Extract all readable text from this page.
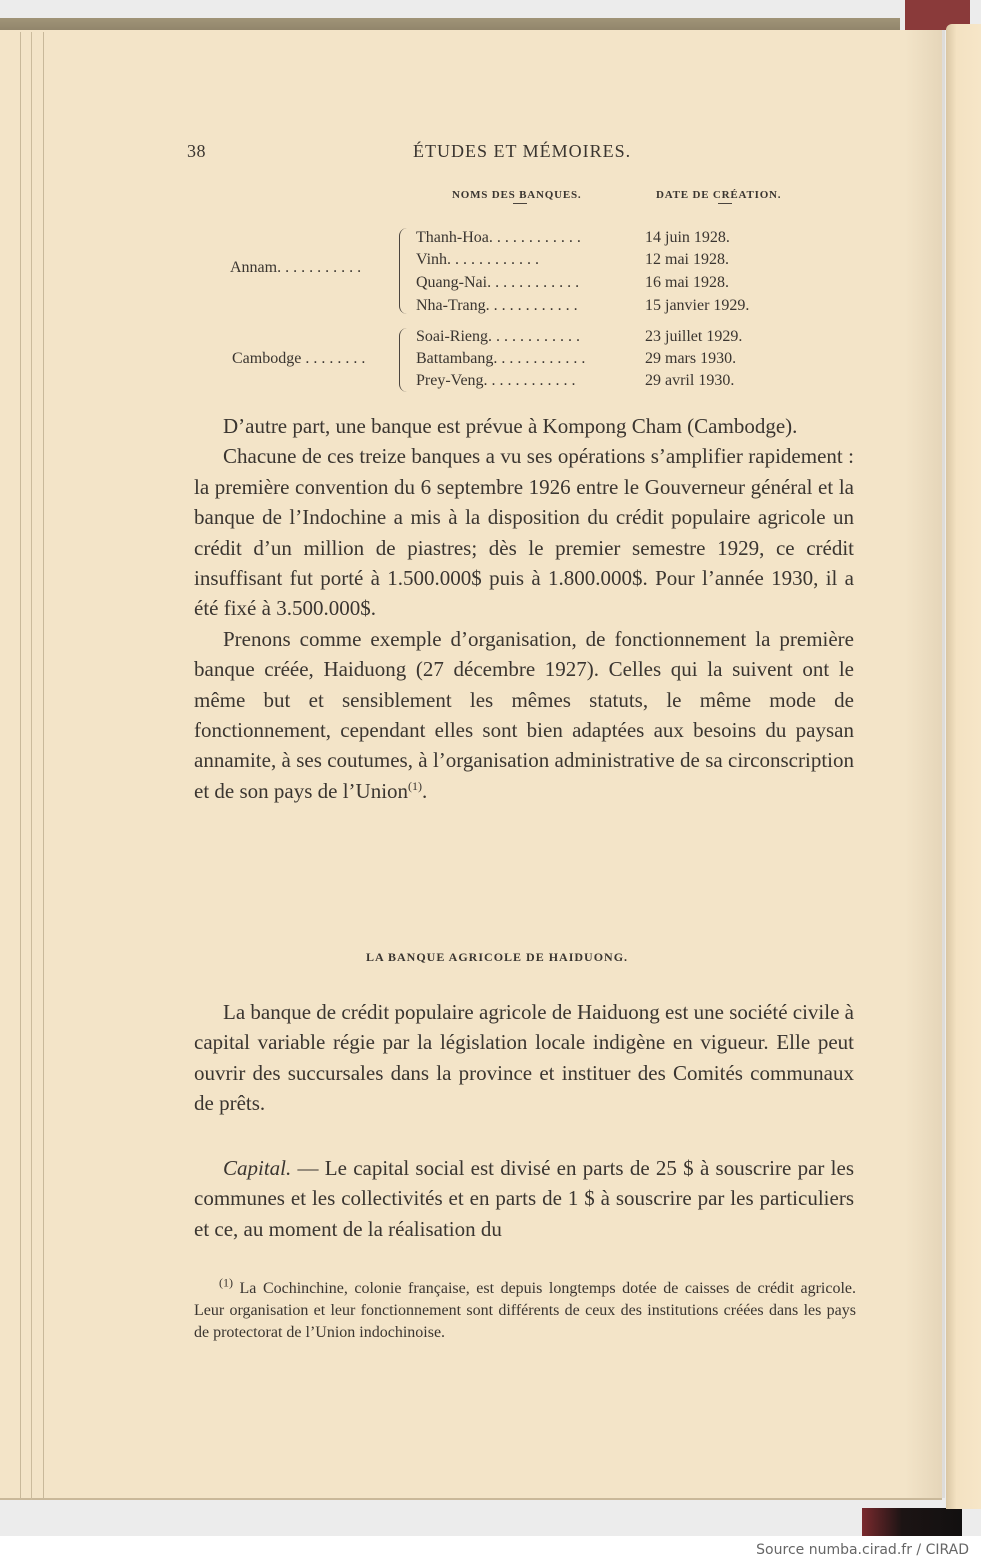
38	ÉTUDES ET MÉMOIRES.
NOMS DES BANQUES.	DATE DE CRÉATION.
Annam. . . . . . . . . . .
Thanh-Hoa. . . . . . . . . . . .	14 juin 1928.
Vinh. . . . . . . . . . . .	12 mai 1928.
Quang-Nai. . . . . . . . . . . .	16 mai 1928.
Nha-Trang. . . . . . . . . . . .	15 janvier 1929.
Cambodge . . . . . . . .
Soai-Rieng. . . . . . . . . . . .	23 juillet 1929.
Battambang. . . . . . . . . . . .	29 mars 1930.
Prey-Veng. . . . . . . . . . . .	29 avril 1930.

D’autre part, une banque est prévue à Kompong Cham (Cambodge).

Chacune de ces treize banques a vu ses opérations s’amplifier rapidement : la première convention du 6 septembre 1926 entre le Gouverneur général et la banque de l’Indochine a mis à la disposition du crédit populaire agricole un crédit d’un million de piastres; dès le premier semestre 1929, ce crédit insuffisant fut porté à 1.500.000$ puis à 1.800.000$. Pour l’année 1930, il a été fixé à 3.500.000$.

Prenons comme exemple d’organisation, de fonctionnement la première banque créée, Haiduong (27 décembre 1927). Celles qui la suivent ont le même but et sensiblement les mêmes statuts, le même mode de fonctionnement, cependant elles sont bien adaptées aux besoins du paysan annamite, à ses coutumes, à l’organisation administrative de sa circonscription et de son pays de l’Union$^{(1)}$.

LA BANQUE AGRICOLE DE HAIDUONG.

La banque de crédit populaire agricole de Haiduong est une société civile à capital variable régie par la législation locale indigène en vigueur. Elle peut ouvrir des succursales dans la province et instituer des Comités communaux de prêts.

Capital. — Le capital social est divisé en parts de 25 $ à souscrire par les communes et les collectivités et en parts de 1 $ à souscrire par les particuliers et ce, au moment de la réalisation du

$^{(1)}$ La Cochinchine, colonie française, est depuis longtemps dotée de caisses de crédit agricole. Leur organisation et leur fonctionnement sont différents de ceux des institutions créées dans les pays de protectorat de l’Union indochinoise.

Source numba.cirad.fr / CIRAD
